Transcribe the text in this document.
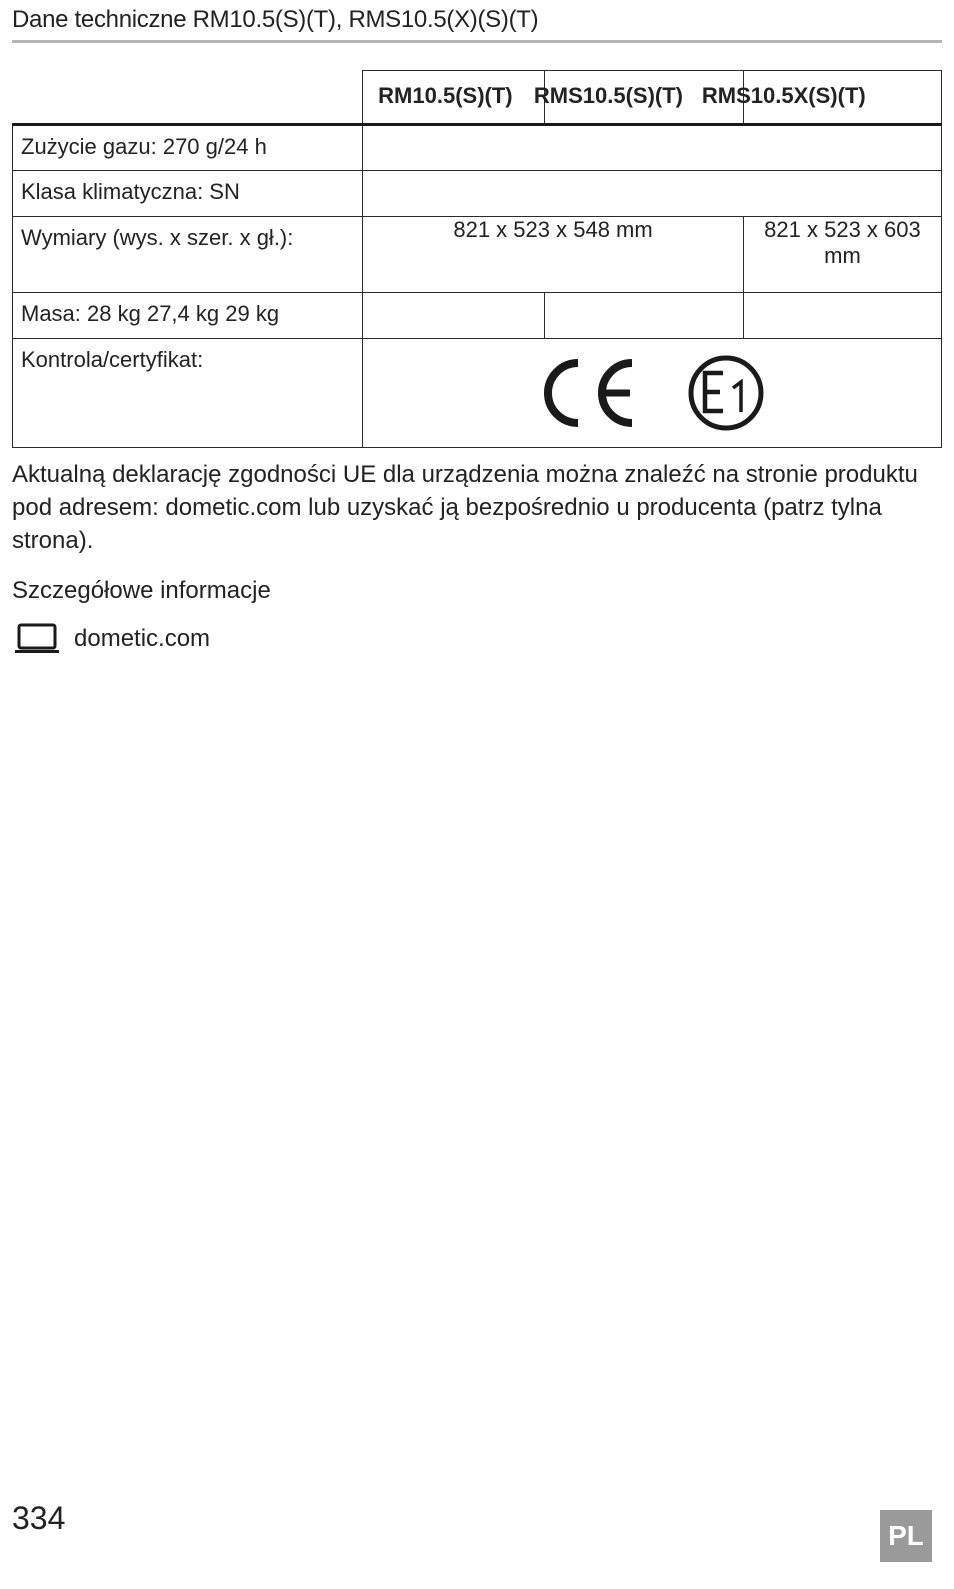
Dane techniczne RM10.5(S)(T), RMS10.5(X)(S)(T)

	RM10.5(S)(T)	RMS10.5(S)(T)	RMS10.5X(S)(T)

Zużycie gazu: 270 g/24 h			
Klasa klimatyczna: SN			
Wymiary (wys. x szer. x gł.):	821 x 523 x 548 mm		821 x 523 x 603 mm
Masa: 28 kg 27,4 kg 29 kg			
Kontrola/certyfikat:	
Aktualną deklarację zgodności UE dla urządzenia można znaleźć na stronie produktu pod adresem: dometic.com lub uzyskać ją bezpośrednio u producenta (patrz tylna strona).
Szczegółowe informacje
dometic.com
334	PL
